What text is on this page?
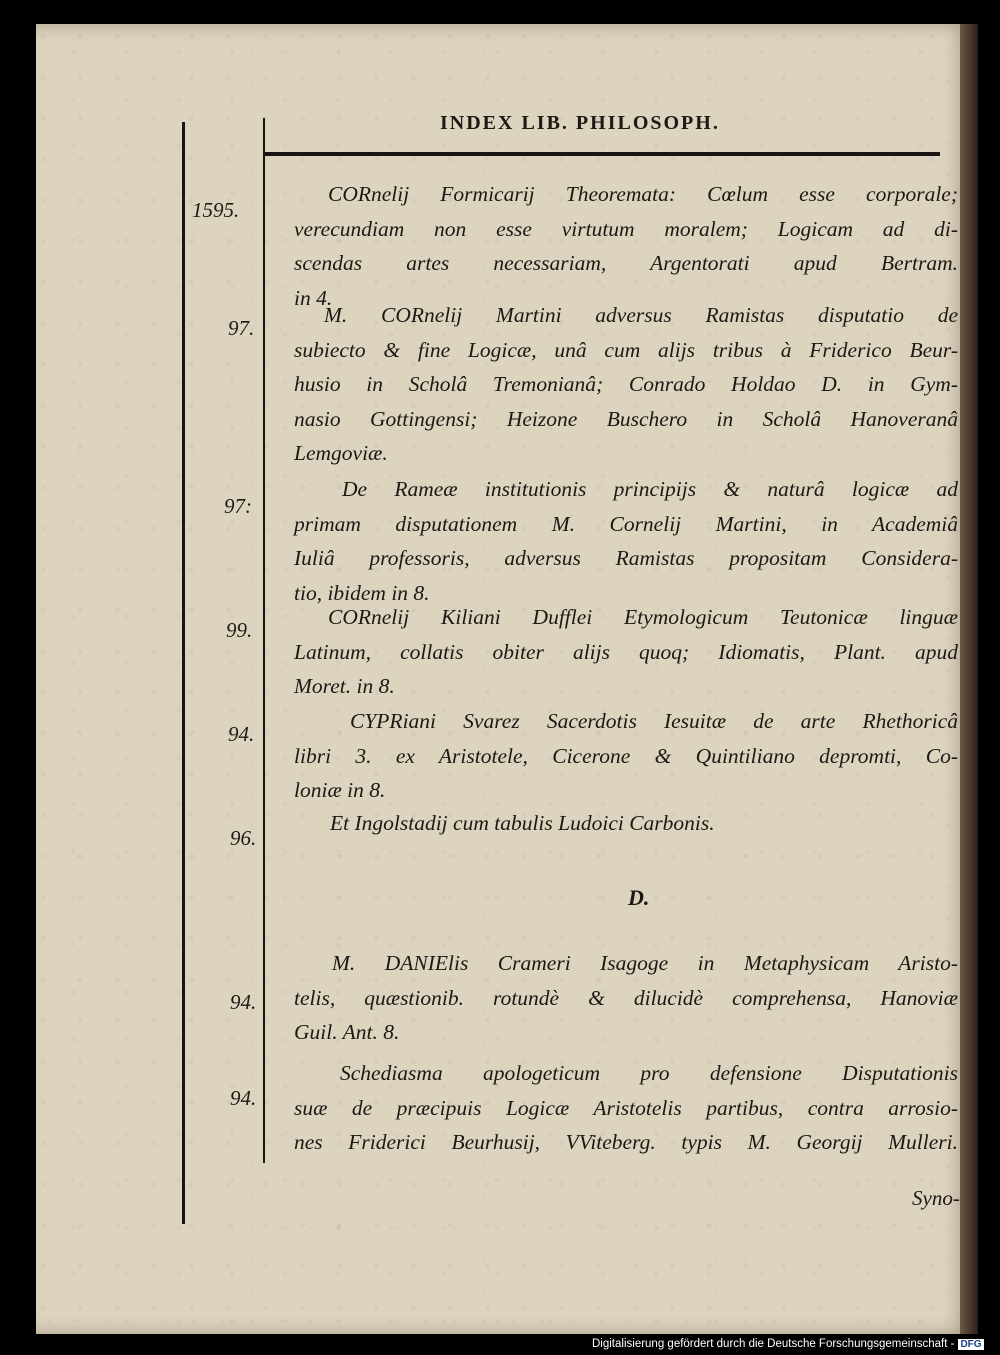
INDEX LIB. PHILOSOPH.
1595.
97.
97:
99.
94.
96.
94.
94.
CORnelij Formicarij Theoremata: Cœlum esse corporale;
verecundiam non esse virtutum moralem; Logicam ad di-
scendas artes necessariam, Argentorati apud Bertram.
in 4.
M. CORnelij Martini adversus Ramistas disputatio de
subiecto & fine Logicæ, unâ cum alijs tribus à Friderico Beur-
husio in Scholâ Tremonianâ; Conrado Holdao D. in Gym-
nasio Gottingensi; Heizone Buschero in Scholâ Hanoveranâ
Lemgoviæ.
De Rameæ institutionis principijs & naturâ logicæ ad
primam disputationem M. Cornelij Martini, in Academiâ
Iuliâ professoris, adversus Ramistas propositam Considera-
tio, ibidem in 8.
CORnelij Kiliani Dufflei Etymologicum Teutonicæ linguæ
Latinum, collatis obiter alijs quoq; Idiomatis, Plant. apud
Moret. in 8.
CYPRiani Svarez Sacerdotis Iesuitæ de arte Rhethoricâ
libri 3. ex Aristotele, Cicerone & Quintiliano depromti, Co-
loniæ in 8.
Et Ingolstadij cum tabulis Ludoici Carbonis.
D.
M. DANIElis Crameri Isagoge in Metaphysicam Aristo-
telis, quæstionib. rotundè & dilucidè comprehensa, Hanoviæ
Guil. Ant. 8.
Schediasma apologeticum pro defensione Disputationis
suæ de præcipuis Logicæ Aristotelis partibus, contra arrosio-
nes Friderici Beurhusij, VViteberg. typis M. Georgij Mulleri.
Syno-
Digitalisierung gefördert durch die Deutsche Forschungsgemeinschaft - DFG
